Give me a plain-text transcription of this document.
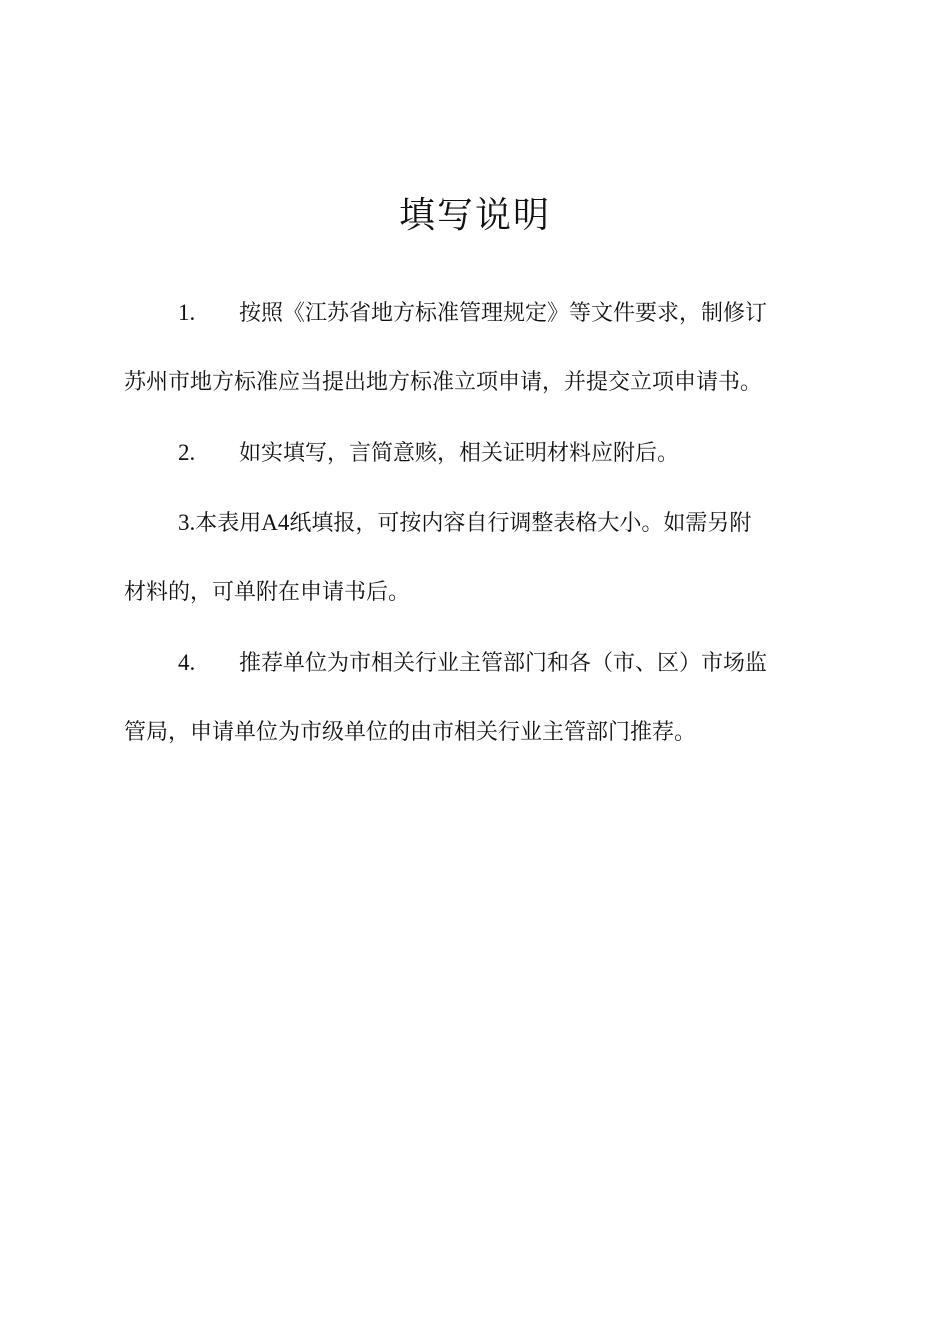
填写说明

1. 按照《江苏省地方标准管理规定》等文件要求，制修订
苏州市地方标准应当提出地方标准立项申请，并提交立项申请书。

2. 如实填写，言简意赅，相关证明材料应附后。

3.本表用A4纸填报，可按内容自行调整表格大小。如需另附
材料的，可单附在申请书后。

4. 推荐单位为市相关行业主管部门和各（市、区）市场监
管局，申请单位为市级单位的由市相关行业主管部门推荐。
